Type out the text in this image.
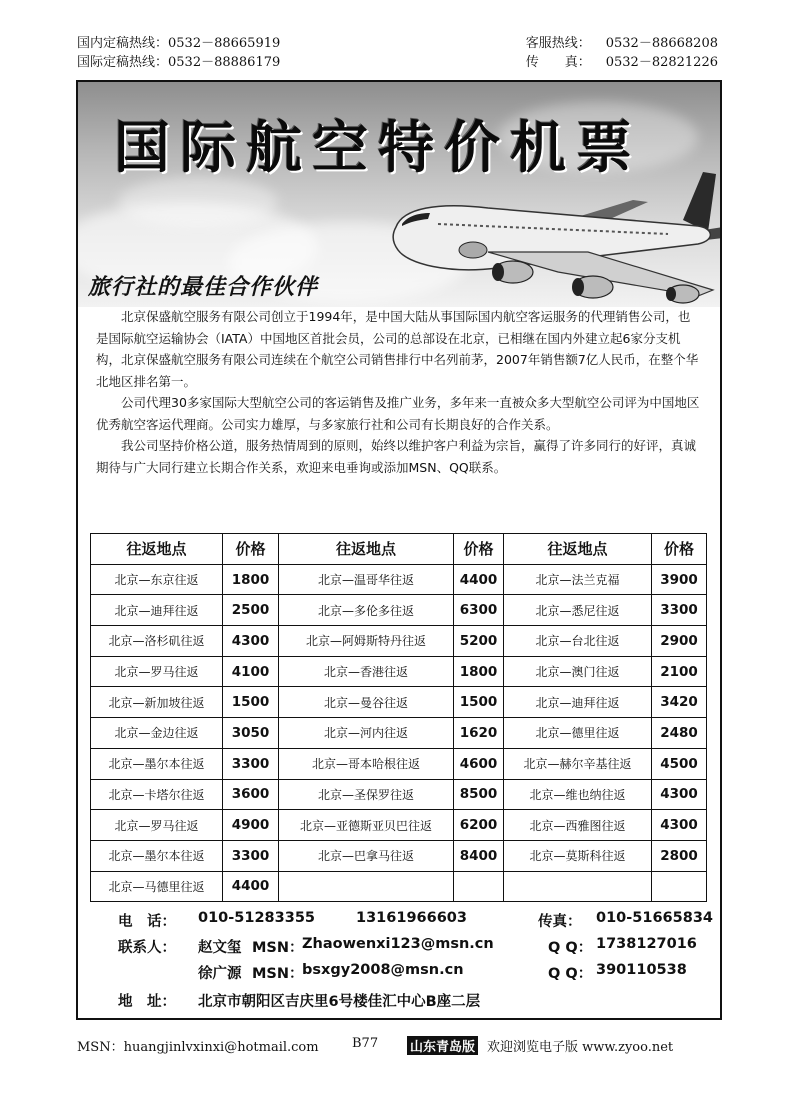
国内定稿热线：0532－88665919
国际定稿热线：0532－88886179
客服热线： 0532－88668208
传　　真： 0532－82821226
国际航空特价机票
旅行社的最佳合作伙伴

北京保盛航空服务有限公司创立于1994年，是中国大陆从事国际国内航空客运服务的代理销售公司，也是国际航空运输协会（IATA）中国地区首批会员，公司的总部设在北京，已相继在国内外建立起6家分支机构，北京保盛航空服务有限公司连续在个航空公司销售排行中名列前茅，2007年销售额7亿人民币，在整个华北地区排名第一。

公司代理30多家国际大型航空公司的客运销售及推广业务，多年来一直被众多大型航空公司评为中国地区优秀航空客运代理商。公司实力雄厚，与多家旅行社和公司有长期良好的合作关系。

我公司坚持价格公道，服务热情周到的原则，始终以维护客户利益为宗旨，赢得了许多同行的好评，真诚期待与广大同行建立长期合作关系，欢迎来电垂询或添加MSN、QQ联系。

往返地点	价格	往返地点	价格	往返地点	价格
北京—东京往返	1800	北京—温哥华往返	4400	北京—法兰克福	3900
北京—迪拜往返	2500	北京—多伦多往返	6300	北京—悉尼往返	3300
北京—洛杉矶往返	4300	北京—阿姆斯特丹往返	5200	北京—台北往返	2900
北京—罗马往返	4100	北京—香港往返	1800	北京—澳门往返	2100
北京—新加坡往返	1500	北京—曼谷往返	1500	北京—迪拜往返	3420
北京—金边往返	3050	北京—河内往返	1620	北京—德里往返	2480
北京—墨尔本往返	3300	北京—哥本哈根往返	4600	北京—赫尔辛基往返	4500
北京—卡塔尔往返	3600	北京—圣保罗往返	8500	北京—维也纳往返	4300
北京—罗马往返	4900	北京—亚德斯亚贝巴往返	6200	北京—西雅图往返	4300
北京—墨尔本往返	3300	北京—巴拿马往返	8400	北京—莫斯科往返	2800
北京—马德里往返	4400				
电　话： 010-51283355	13161966603	传真： 010-51665834
联系人： 赵文玺 MSN：
Zhaowenxi123@msn.cn	Q Q： 1738127016
徐广源 MSN：
bsxgy2008@msn.cn	Q Q： 390110538
地　址： 北京市朝阳区吉庆里6号楼佳汇中心B座二层
MSN：huangjinlvxinxi@hotmail.com	B77 山东青岛版 欢迎浏览电子版 www.zyoo.net
